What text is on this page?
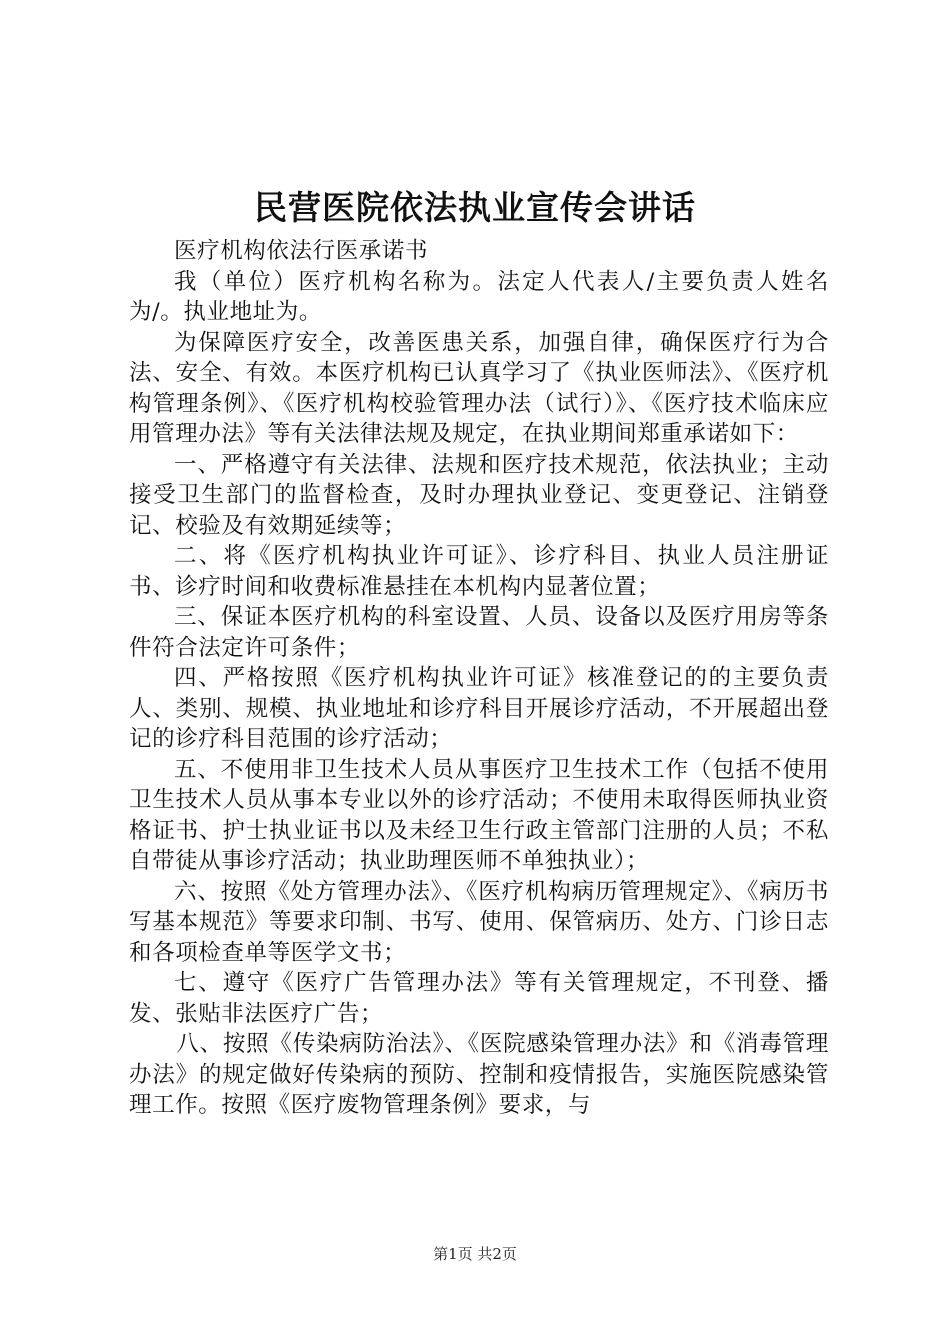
民营医院依法执业宣传会讲话

医疗机构依法行医承诺书

我（单位）医疗机构名称为。法定人代表人/主要负责人姓名为/。执业地址为。

为保障医疗安全，改善医患关系，加强自律，确保医疗行为合法、安全、有效。本医疗机构已认真学习了《执业医师法》、《医疗机构管理条例》、《医疗机构校验管理办法（试行）》、《医疗技术临床应用管理办法》等有关法律法规及规定，在执业期间郑重承诺如下：

一、严格遵守有关法律、法规和医疗技术规范，依法执业；主动接受卫生部门的监督检查，及时办理执业登记、变更登记、注销登记、校验及有效期延续等；

二、将《医疗机构执业许可证》、诊疗科目、执业人员注册证书、诊疗时间和收费标准悬挂在本机构内显著位置；

三、保证本医疗机构的科室设置、人员、设备以及医疗用房等条件符合法定许可条件；

四、严格按照《医疗机构执业许可证》核准登记的的主要负责人、类别、规模、执业地址和诊疗科目开展诊疗活动，不开展超出登记的诊疗科目范围的诊疗活动；

五、不使用非卫生技术人员从事医疗卫生技术工作（包括不使用卫生技术人员从事本专业以外的诊疗活动；不使用未取得医师执业资格证书、护士执业证书以及未经卫生行政主管部门注册的人员；不私自带徒从事诊疗活动；执业助理医师不单独执业）；

六、按照《处方管理办法》、《医疗机构病历管理规定》、《病历书写基本规范》等要求印制、书写、使用、保管病历、处方、门诊日志和各项检查单等医学文书；

七、遵守《医疗广告管理办法》等有关管理规定，不刊登、播发、张贴非法医疗广告；

八、按照《传染病防治法》、《医院感染管理办法》和《消毒管理办法》的规定做好传染病的预防、控制和疫情报告，实施医院感染管理工作。按照《医疗废物管理条例》要求，与

第1页 共2页
